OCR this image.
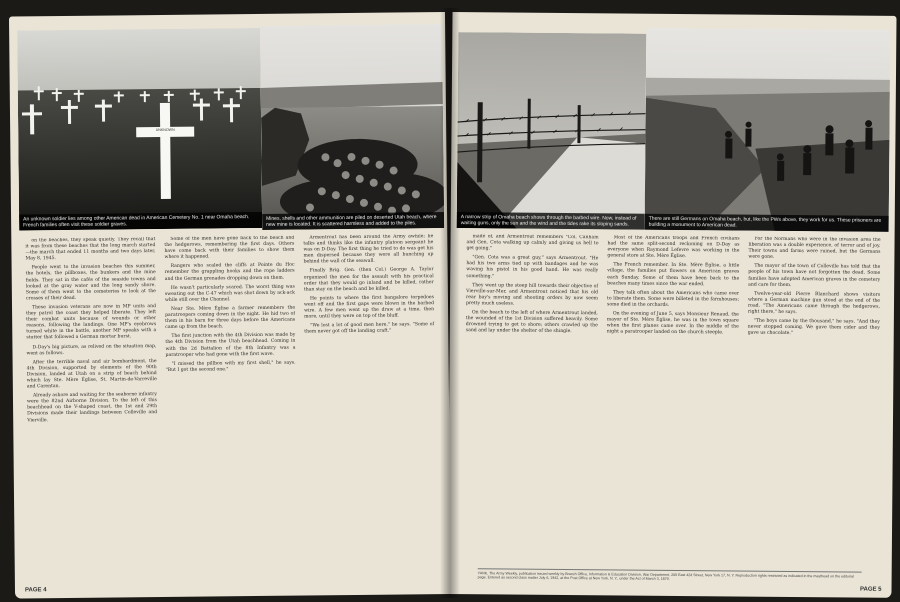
UNKNOWN
An unknown soldier lies among other American dead in American Cemetery No. 1 near Omaha beach. French families often visit these soldier graves.
Mines, shells and other ammunition are piled on deserted Utah beach, where new mine is located. It is scattered harmless and added to the piles.

on the beaches, they speak quietly. They recall that it was from these beaches that the long march started—the march that ended 11 months and two days later, May 8, 1945.

People went to the invasion beaches this summer, the hotels, the pillboxes, the bunkers and the mine fields. They sat in the cafés of the seaside towns and looked at the gray water and the long sandy shore. Some of them went to the cemeteries to look at the crosses of their dead.

These invasion veterans are now in MP units and they patrol the coast they helped liberate. They left their combat units because of wounds or other reasons, following the landings. One MP's eyebrows turned white in the battle, another MP speaks with a stutter that followed a German mortar burst.

D-Day's big picture, as relived on the situation map, went as follows.

After the terrible naval and air bombardment, the 4th Division, supported by elements of the 90th Division, landed at Utah on a strip of beach behind which lay Ste. Mère Église, St. Martin-de-Varreville and Carentan.

Already ashore and waiting for the seaborne infantry were the 82nd Airborne Division. To the left of this beachhead on the V-shaped coast, the 1st and 29th Divisions made their landings between Colleville and Vierville.

Some of the men have gone back to the beach and the hedgerows, remembering the first days. Others have come back with their families to show them where it happened.

Rangers who scaled the cliffs at Pointe du Hoc remember the grappling hooks and the rope ladders and the German grenades dropping down on them.

He wasn't particularly scared. The worst thing was sweating out the C-47 which was shot down by ack-ack while still over the Channel.

Near Ste. Mère Église a farmer remembers the paratroopers coming down in the night. He hid two of them in his barn for three days before the Americans came up from the beach.

The first junction with the 4th Division was made by the 4th Division from the Utah beachhead. Coming in with the 2d Battalion of the 8th Infantry was a paratrooper who had gone with the first wave.

"I missed the pillbox with my first shell," he says. "But I got the second one."

Armentrout has been around the Army awhile; he talks and thinks like the infantry platoon sergeant he was on D-Day. The first thing he tried to do was get his men dispersed because they were all bunching up behind the wall of the seawall.

Finally Brig. Gen. (then Col.) George A. Taylor organized the men for the assault with his practical order that they would go inland and be killed, rather than stay on the beach and be killed.

He points to where the first bangalore torpedoes went off and the first gaps were blown in the barbed wire. A few men went up the draw at a time, then more, until they were on top of the bluff.

"We lost a lot of good men here," he says. "Some of them never got off the landing craft."

PAGE 4
A narrow strip of Omaha beach shows through the barbed wire. Now, instead of waiting guns, only the sun and the wind and the tides rake its sloping sands.
There are still Germans on Omaha beach, but, like the PWs above, they work for us. These prisoners are building a monument to American dead.

made of, and Armentrout remembers "Col. Canham and Gen. Cota walking up calmly and giving us hell to get going."

"Gen. Cota was a great guy," says Armentrout. "He had his two arms tied up with bandages and he was waving his pistol in his good hand. He was really something."

They went up the steep hill towards their objective of Vierville-sur-Mer, and Armentrout noticed that his old rear bay's moving and shooting orders by now seem pretty much useless.

On the beach to the left of where Armentrout landed, the wounded of the 1st Division suffered heavily. Some drowned trying to get to shore; others crawled up the sand and lay under the shelter of the shingle.

Most of the Americans troops and French civilians had the same split-second reckoning on D-Day as everyone when Raymond Lefevre was working in the general store at Ste. Mère Église.

The French remember. In Ste. Mère Église, a little village, the families put flowers on American graves each Sunday. Some of them have been back to the beaches many times since the war ended.

They talk often about the Americans who came over to liberate them. Some were billeted in the farmhouses; some died in the orchards.

On the evening of June 5, says Monsieur Renaud, the mayor of Ste. Mère Église, he was in the town square when the first planes came over. In the middle of the night a paratrooper landed on the church steeple.

For the Normans who were in the invasion area the liberation was a double experience, of terror and of joy. Their towns and farms were ruined, but the Germans were gone.

The mayor of the town of Colleville has told that the people of his town have not forgotten the dead. Some families have adopted American graves in the cemetery and care for them.

Twelve-year-old Pierre Blanchard shows visitors where a German machine gun stood at the end of the road. "The Americans came through the hedgerows, right there," he says.

"The boys came by the thousand," he says. "And they never stopped coming. We gave them cider and they gave us chocolate."

YANK, The Army Weekly, publication issued weekly by Branch Office, Information & Education Division, War Department, 205 East 42d Street, New York 17, N. Y. Reproduction rights restricted as indicated in the masthead on the editorial page. Entered as second class matter July 6, 1942, at the Post Office at New York, N. Y., under the Act of March 3, 1879.
PAGE 5
